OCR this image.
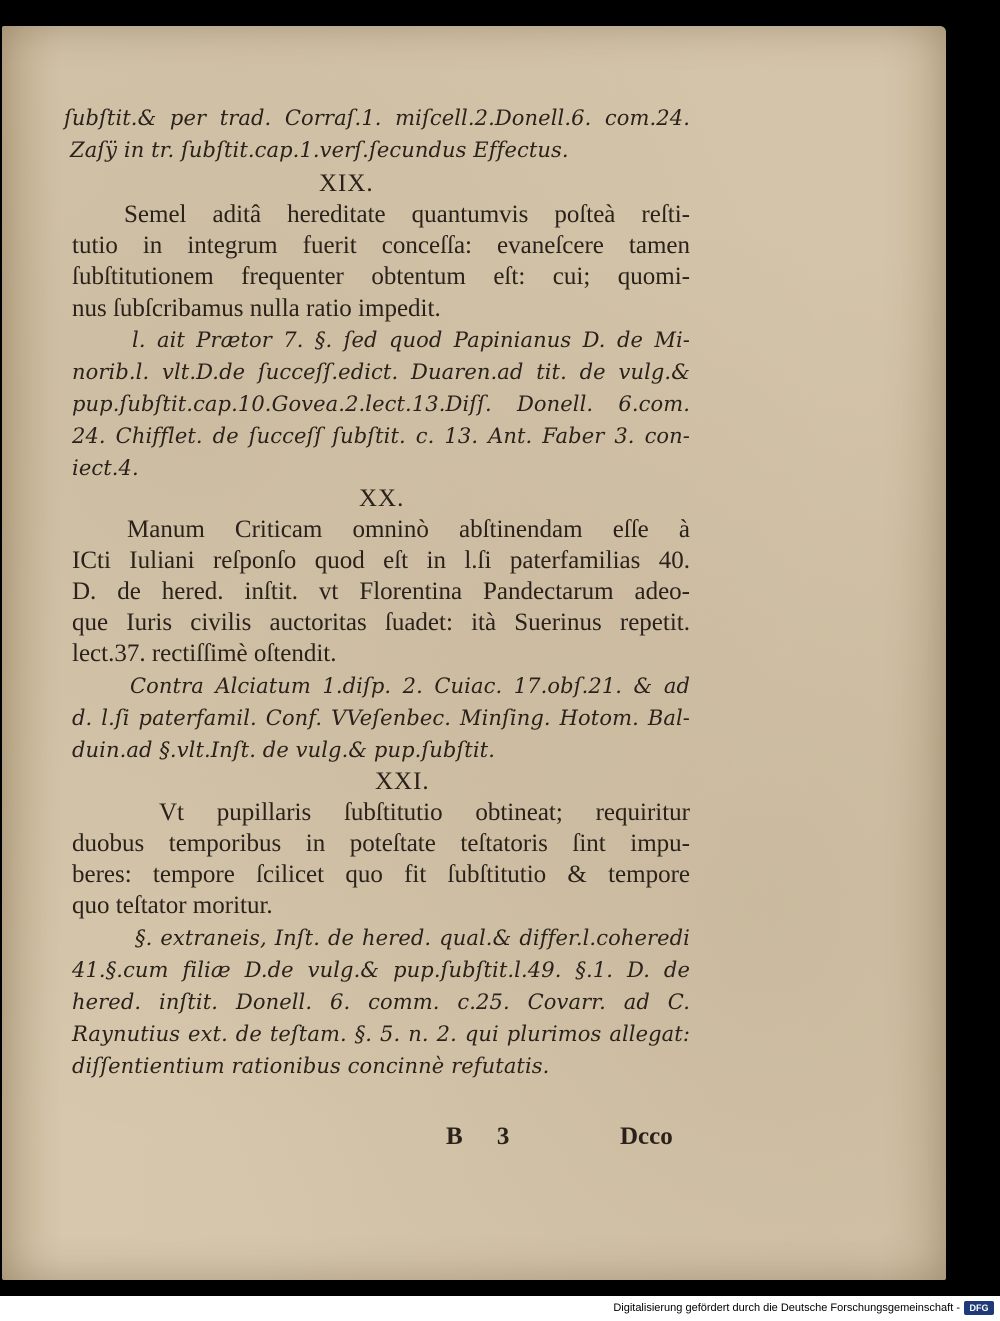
ſubſtit.& per trad. Corraſ.1. miſcell.2.Donell.6. com.24.
Zaſÿ in tr. ſubſtit.cap.1.verſ.ſecundus Effectus.
XIX.
Semel aditâ hereditate quantumvis poſteà reſti-
tutio in integrum fuerit conceſſa: evaneſcere tamen
ſubſtitutionem frequenter obtentum eſt: cui; quomi-
nus ſubſcribamus nulla ratio impedit.
l. ait Prætor 7. §. ſed quod Papinianus D. de Mi-
norib.l. vlt.D.de ſucceſſ.edict. Duaren.ad tit. de vulg.&
pup.ſubſtit.cap.10.Govea.2.lect.13.Diſſ. Donell. 6.com.
24. Chifflet. de ſucceſſ ſubſtit. c. 13. Ant. Faber 3. con-
iect.4.
XX.
Manum Criticam omninò abſtinendam eſſe à
ICti Iuliani reſponſo quod eſt in l.ſi paterfamilias 40.
D. de hered. inſtit. vt Florentina Pandectarum adeo-
que Iuris civilis auctoritas ſuadet: ità Suerinus repetit.
lect.37. rectiſſimè oſtendit.
Contra Alciatum 1.diſp. 2. Cuiac. 17.obſ.21. & ad
d. l.ſi paterfamil. Conf. VVeſenbec. Minſing. Hotom. Bal-
duin.ad §.vlt.Inſt. de vulg.& pup.ſubſtit.
XXI.
Vt pupillaris ſubſtitutio obtineat; requiritur
duobus temporibus in poteſtate teſtatoris ſint impu-
beres: tempore ſcilicet quo fit ſubſtitutio & tempore
quo teſtator moritur.
§. extraneis, Inſt. de hered. qual.& differ.l.coheredi
41.§.cum filiæ D.de vulg.& pup.ſubſtit.l.49. §.1. D. de
hered. inſtit. Donell. 6. comm. c.25. Covarr. ad C.
Raynutius ext. de teſtam. §. 5. n. 2. qui plurimos allegat:
diſſentientium rationibus concinnè refutatis.
B 3	Dcco
Digitalisierung gefördert durch die Deutsche Forschungsgemeinschaft -	DFG
